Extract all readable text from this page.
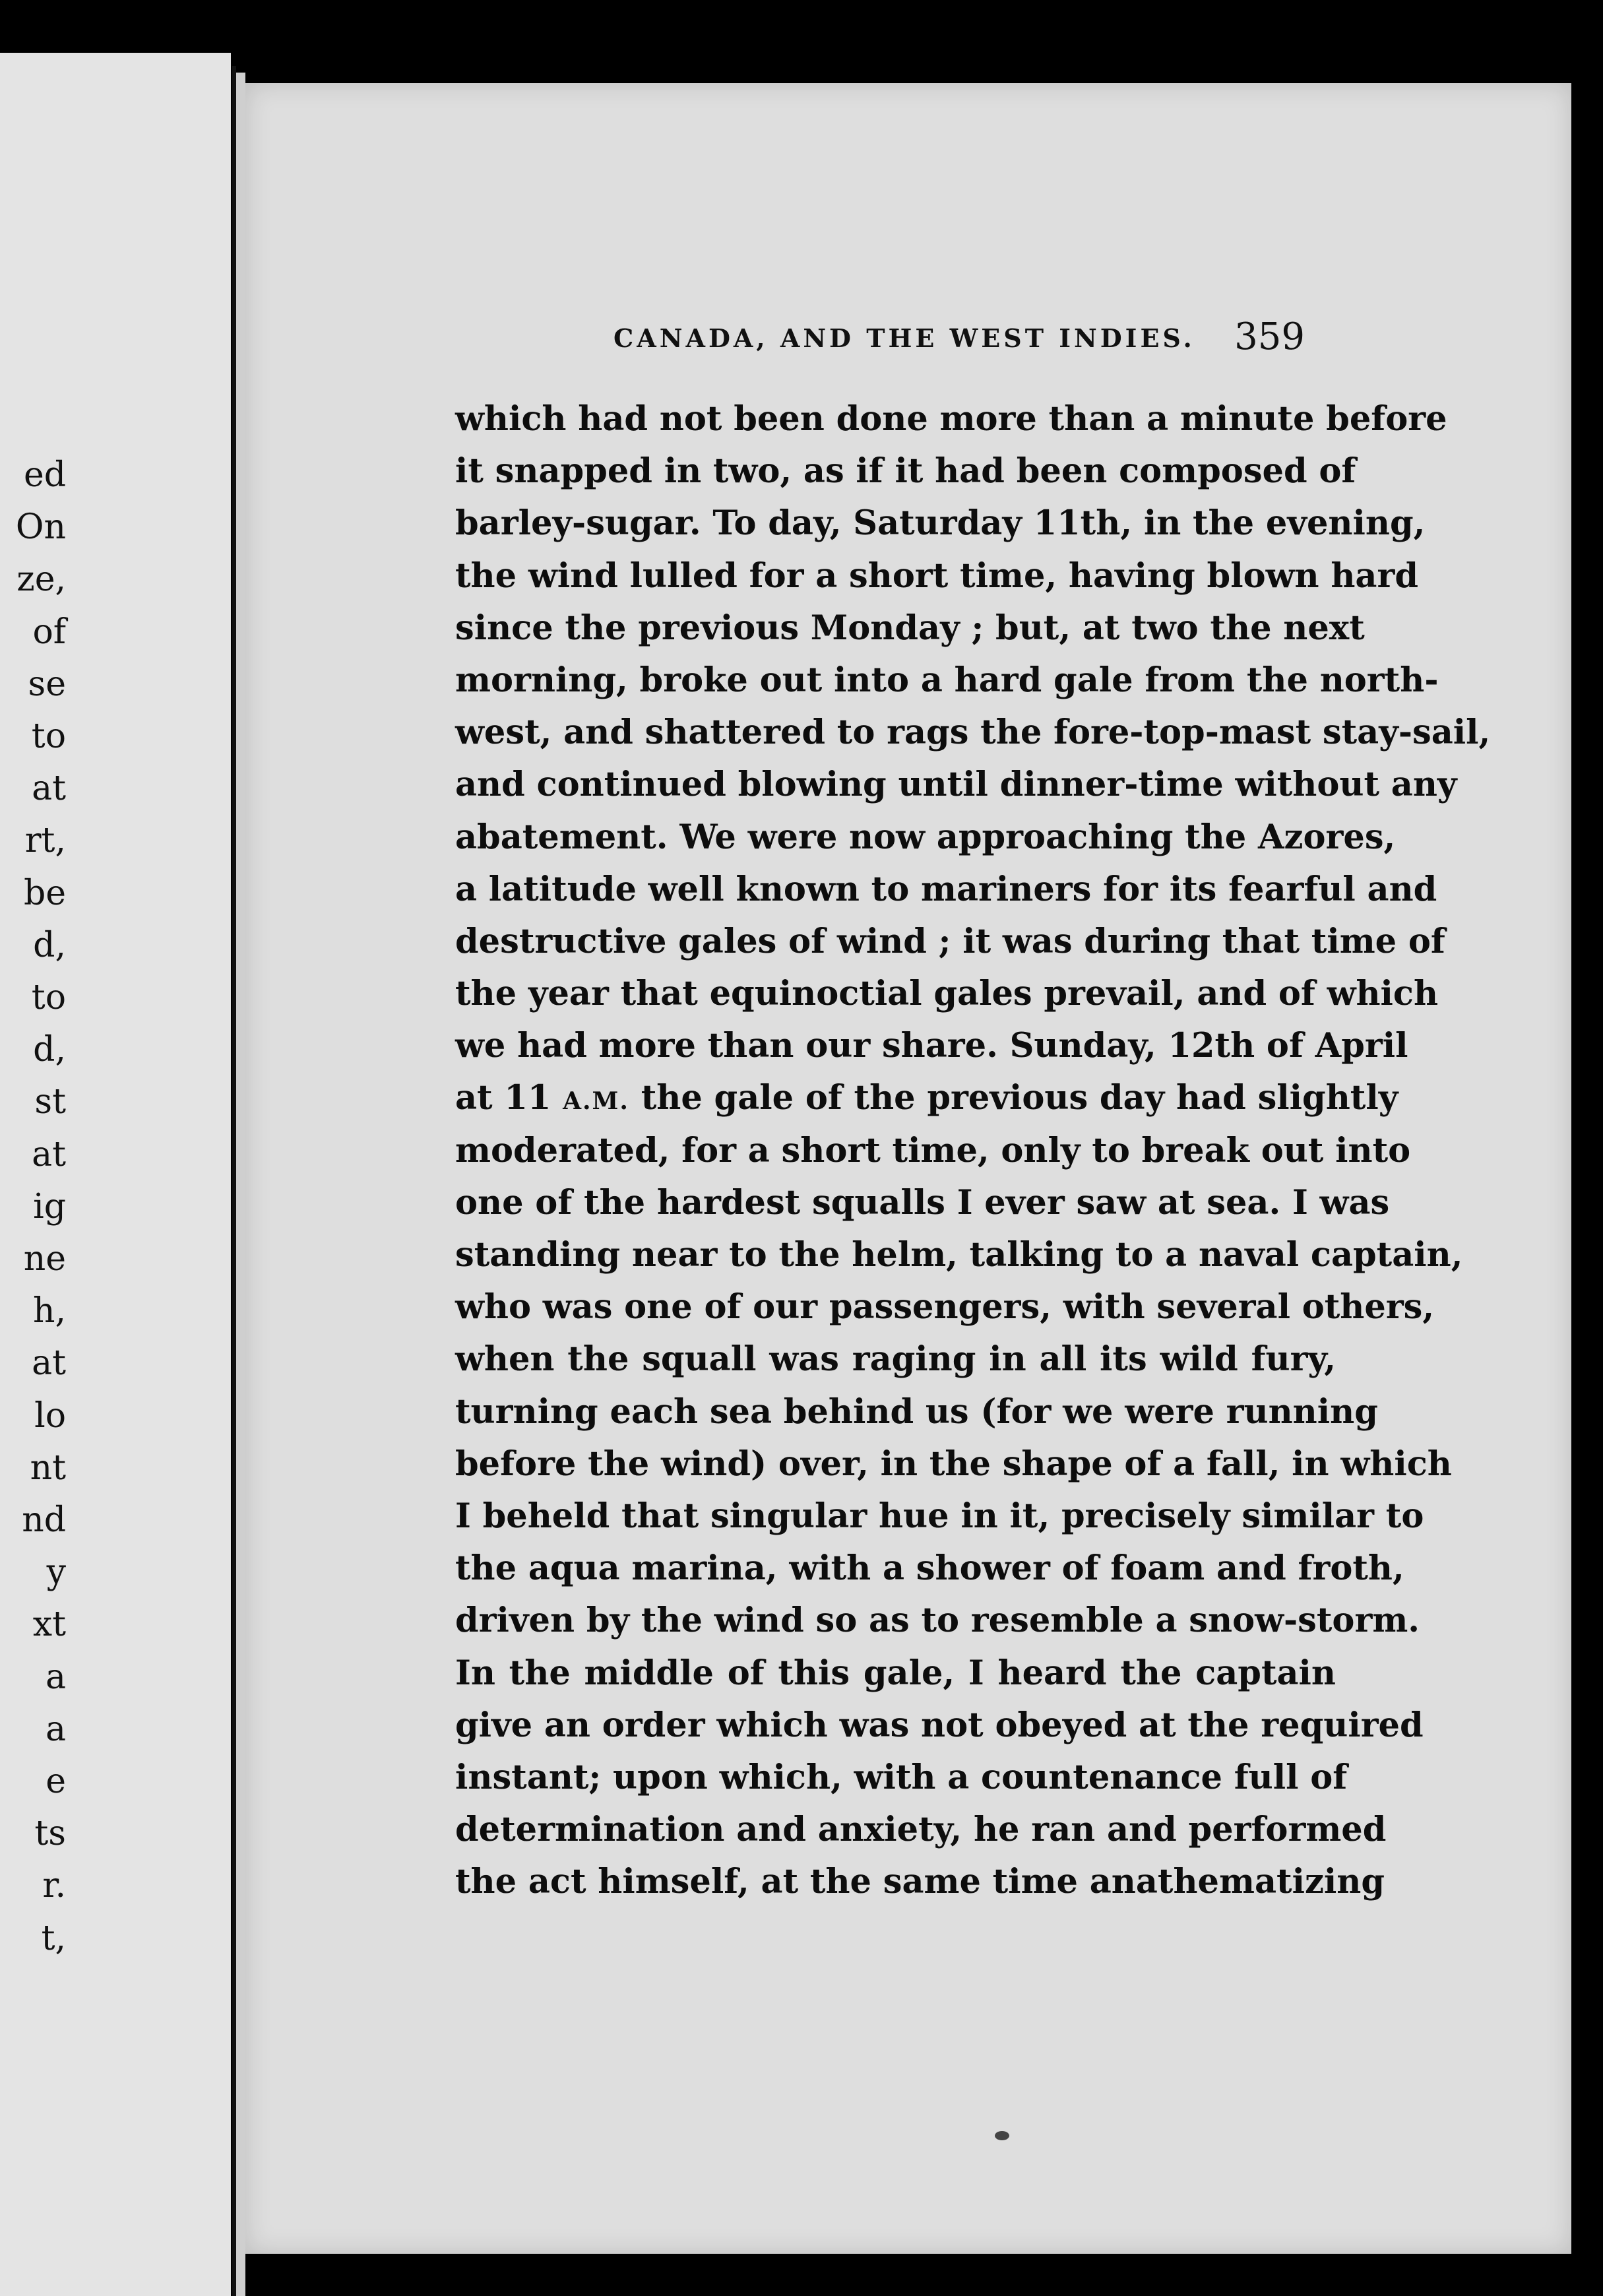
ed
On
ze,
of
se
to
at
rt,
be
d,
to
d,
st
at
ig
ne
h,
at
lo
nt
nd
y
xt
a
a
e
ts
r.
t,
CANADA, AND THE WEST INDIES. 359
which had not been done more than a minute before
it snapped in two, as if it had been composed of
barley-sugar. To day, Saturday 11th, in the evening,
the wind lulled for a short time, having blown hard
since the previous Monday ; but, at two the next
morning, broke out into a hard gale from the north-
west, and shattered to rags the fore-top-mast stay-sail,
and continued blowing until dinner-time without any
abatement. We were now approaching the Azores,
a latitude well known to mariners for its fearful and
destructive gales of wind ; it was during that time of
the year that equinoctial gales prevail, and of which
we had more than our share. Sunday, 12th of April
at 11 A.M. the gale of the previous day had slightly
moderated, for a short time, only to break out into
one of the hardest squalls I ever saw at sea. I was
standing near to the helm, talking to a naval captain,
who was one of our passengers, with several others,
when the squall was raging in all its wild fury,
turning each sea behind us (for we were running
before the wind) over, in the shape of a fall, in which
I beheld that singular hue in it, precisely similar to
the aqua marina, with a shower of foam and froth,
driven by the wind so as to resemble a snow-storm.
In the middle of this gale, I heard the captain
give an order which was not obeyed at the required
instant; upon which, with a countenance full of
determination and anxiety, he ran and performed
the act himself, at the same time anathematizing
